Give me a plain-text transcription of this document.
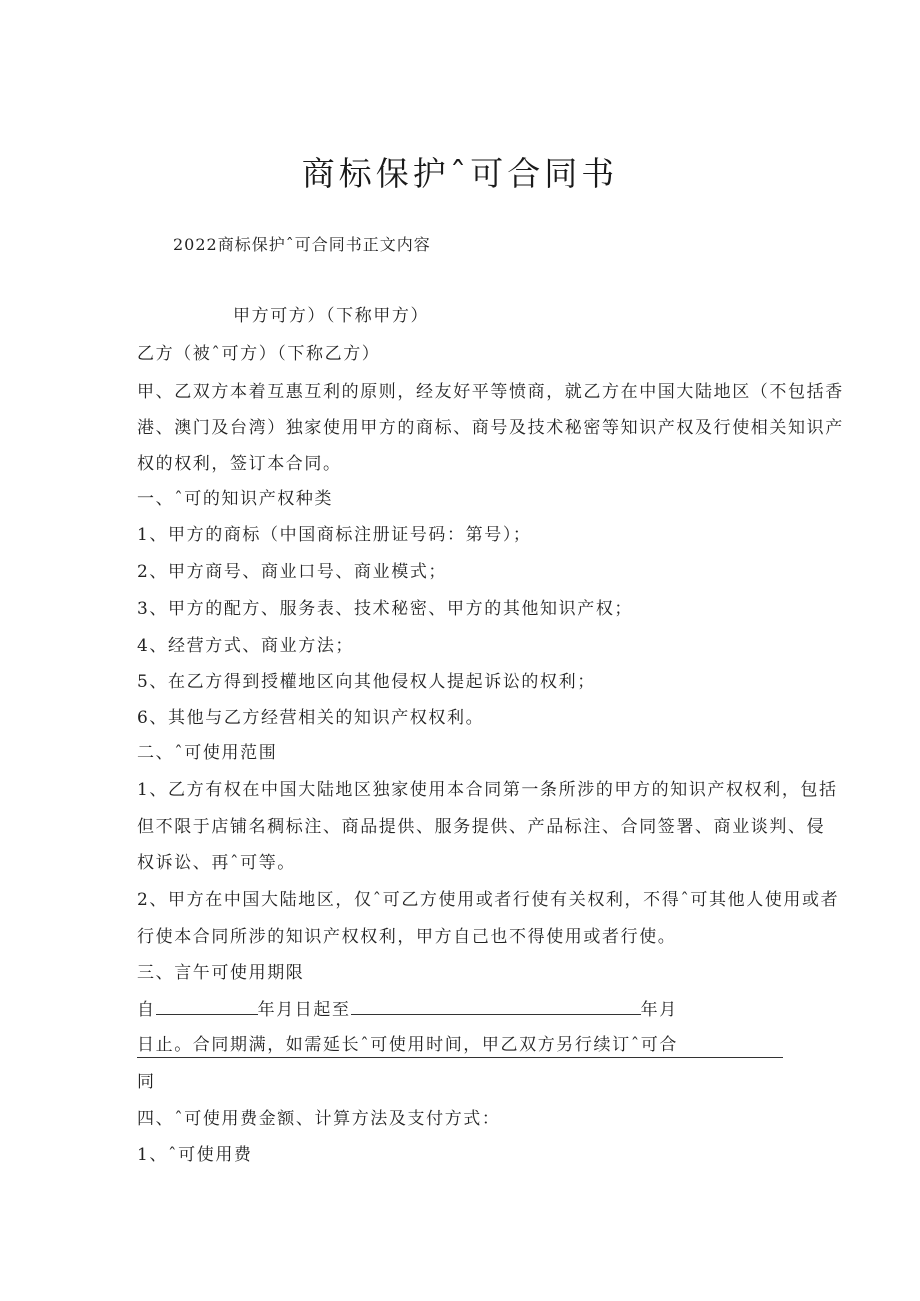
商标保护ˆ可合同书
2022商标保护ˆ可合同书正文内容
甲方可方）（下称甲方）
乙方（被ˆ可方）（下称乙方）
甲、乙双方本着互惠互利的原则，经友好平等愤商，就乙方在中国大陆地区（不包括香
港、澳门及台湾）独家使用甲方的商标、商号及技术秘密等知识产权及行使相关知识产
权的权利，签订本合同。
一、ˆ可的知识产权种类
1、甲方的商标（中国商标注册证号码：第号）；
2、甲方商号、商业口号、商业模式；
3、甲方的配方、服务表、技术秘密、甲方的其他知识产权；
4、经营方式、商业方法；
5、在乙方得到授權地区向其他侵权人提起诉讼的权利；
6、其他与乙方经营相关的知识产权权利。
二、ˆ可使用范围
1、乙方有权在中国大陆地区独家使用本合同第一条所涉的甲方的知识产权权利，包括
但不限于店铺名稠标注、商品提供、服务提供、产品标注、合同签署、商业谈判、侵
权诉讼、再ˆ可等。
2、甲方在中国大陆地区，仅ˆ可乙方使用或者行使有关权利，不得ˆ可其他人使用或者
行使本合同所涉的知识产权权利，甲方自己也不得使用或者行使。
三、言午可使用期限
自	年月日起至	年月
日止。合同期满，如需延长ˆ可使用时间，甲乙双方另行续订ˆ可合
同
四、ˆ可使用费金额、计算方法及支付方式：
1、ˆ可使用费
